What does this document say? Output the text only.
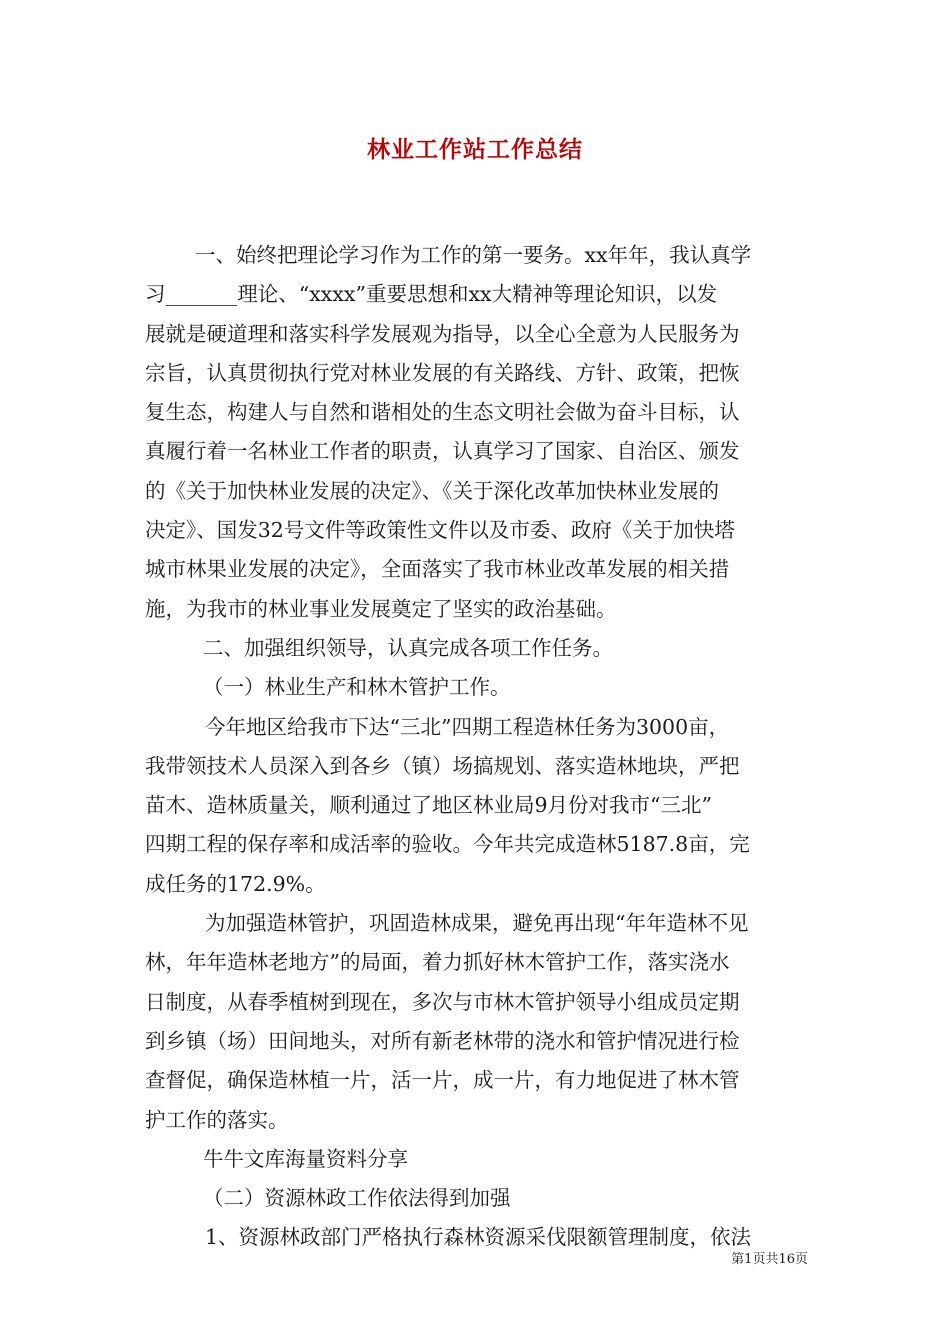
林业工作站工作总结
一、始终把理论学习作为工作的第一要务。xx年年，我认真学
习_______理论、“xxxx”重要思想和xx大精神等理论知识，以发
展就是硬道理和落实科学发展观为指导，以全心全意为人民服务为
宗旨，认真贯彻执行党对林业发展的有关路线、方针、政策，把恢
复生态，构建人与自然和谐相处的生态文明社会做为奋斗目标，认
真履行着一名林业工作者的职责，认真学习了国家、自治区、颁发
的《关于加快林业发展的决定》、《关于深化改革加快林业发展的
决定》、国发32号文件等政策性文件以及市委、政府《关于加快塔
城市林果业发展的决定》，全面落实了我市林业改革发展的相关措
施，为我市的林业事业发展奠定了坚实的政治基础。
二、加强组织领导，认真完成各项工作任务。
（一）林业生产和林木管护工作。
今年地区给我市下达“三北”四期工程造林任务为3000亩，
我带领技术人员深入到各乡（镇）场搞规划、落实造林地块，严把
苗木、造林质量关，顺利通过了地区林业局9月份对我市“三北”
四期工程的保存率和成活率的验收。今年共完成造林5187.8亩，完
成任务的172.9%。
为加强造林管护，巩固造林成果，避免再出现“年年造林不见
林，年年造林老地方”的局面，着力抓好林木管护工作，落实浇水
日制度，从春季植树到现在，多次与市林木管护领导小组成员定期
到乡镇（场）田间地头，对所有新老林带的浇水和管护情况进行检
查督促，确保造林植一片，活一片，成一片，有力地促进了林木管
护工作的落实。
牛牛文库海量资料分享
（二）资源林政工作依法得到加强
1、资源林政部门严格执行森林资源采伐限额管理制度，依法
第1页共16页
